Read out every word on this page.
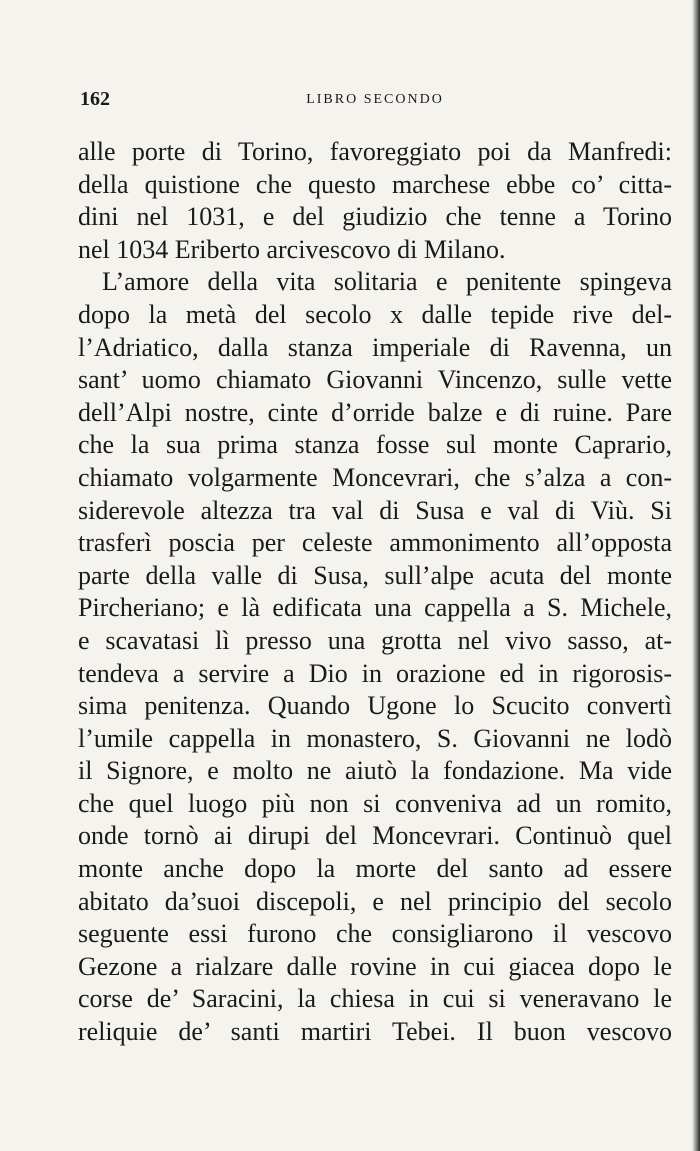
162	LIBRO SECONDO
alle porte di Torino, favoreggiato poi da Manfredi:
della quistione che questo marchese ebbe co’ citta-
dini nel 1031, e del giudizio che tenne a Torino
nel 1034 Eriberto arcivescovo di Milano.
L’amore della vita solitaria e penitente spingeva
dopo la metà del secolo x dalle tepide rive del-
l’Adriatico, dalla stanza imperiale di Ravenna, un
sant’ uomo chiamato Giovanni Vincenzo, sulle vette
dell’Alpi nostre, cinte d’orride balze e di ruine. Pare
che la sua prima stanza fosse sul monte Caprario,
chiamato volgarmente Moncevrari, che s’alza a con-
siderevole altezza tra val di Susa e val di Viù. Si
trasferì poscia per celeste ammonimento all’opposta
parte della valle di Susa, sull’alpe acuta del monte
Pircheriano; e là edificata una cappella a S. Michele,
e scavatasi lì presso una grotta nel vivo sasso, at-
tendeva a servire a Dio in orazione ed in rigorosis-
sima penitenza. Quando Ugone lo Scucito convertì
l’umile cappella in monastero, S. Giovanni ne lodò
il Signore, e molto ne aiutò la fondazione. Ma vide
che quel luogo più non si conveniva ad un romito,
onde tornò ai dirupi del Moncevrari. Continuò quel
monte anche dopo la morte del santo ad essere
abitato da’suoi discepoli, e nel principio del secolo
seguente essi furono che consigliarono il vescovo
Gezone a rialzare dalle rovine in cui giacea dopo le
corse de’ Saracini, la chiesa in cui si veneravano le
reliquie de’ santi martiri Tebei. Il buon vescovo
